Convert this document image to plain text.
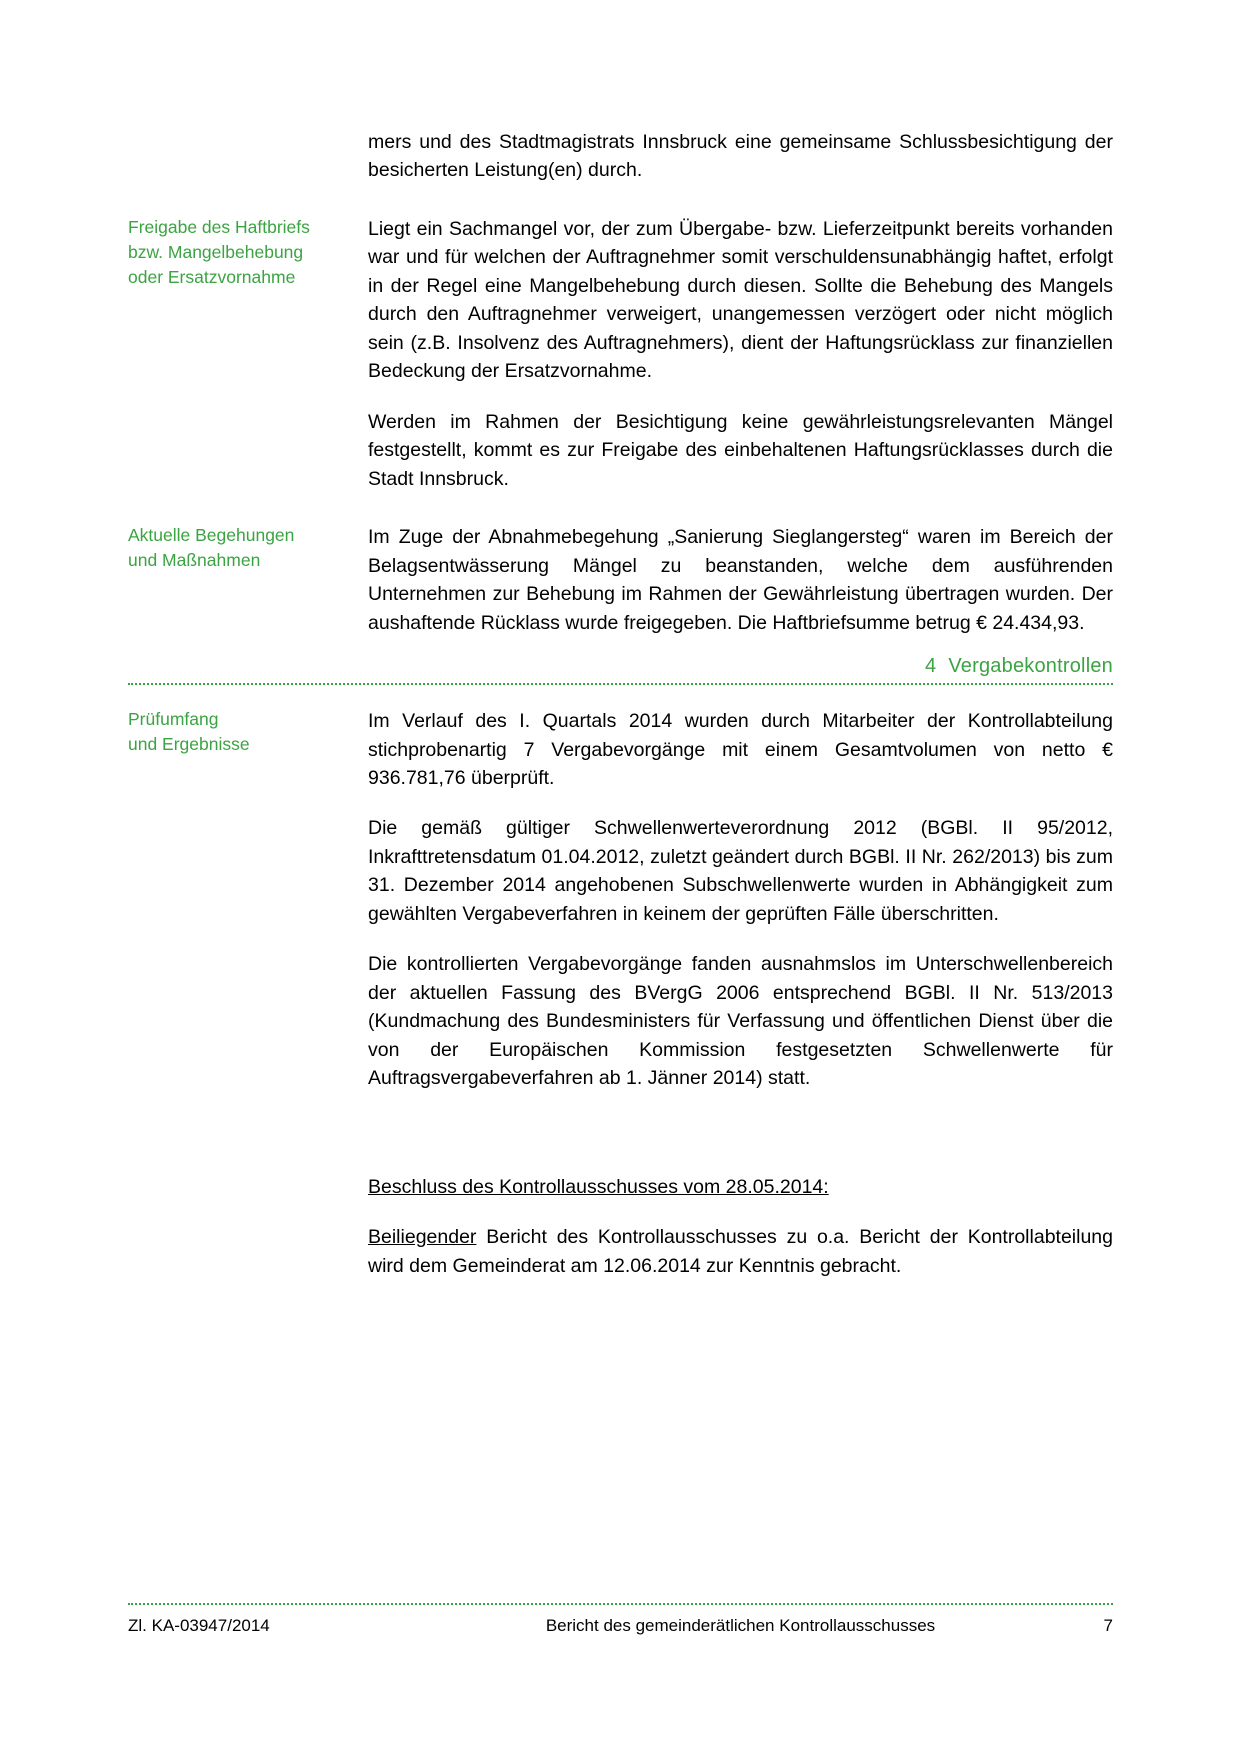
mers und des Stadtmagistrats Innsbruck eine gemeinsame Schlussbesichtigung der besicherten Leistung(en) durch.

Freigabe des Haftbriefs
bzw. Mangelbehebung
oder Ersatzvornahme

Liegt ein Sachmangel vor, der zum Übergabe- bzw. Lieferzeitpunkt bereits vorhanden war und für welchen der Auftragnehmer somit verschuldensunabhängig haftet, erfolgt in der Regel eine Mangelbehebung durch diesen. Sollte die Behebung des Mangels durch den Auftragnehmer verweigert, unangemessen verzögert oder nicht möglich sein (z.B. Insolvenz des Auftragnehmers), dient der Haftungsrücklass zur finanziellen Bedeckung der Ersatzvornahme.

Werden im Rahmen der Besichtigung keine gewährleistungsrelevanten Mängel festgestellt, kommt es zur Freigabe des einbehaltenen Haftungsrücklasses durch die Stadt Innsbruck.

Aktuelle Begehungen
und Maßnahmen

Im Zuge der Abnahmebegehung „Sanierung Sieglangersteg“ waren im Bereich der Belagsentwässerung Mängel zu beanstanden, welche dem ausführenden Unternehmen zur Behebung im Rahmen der Gewährleistung übertragen wurden. Der aushaftende Rücklass wurde freigegeben. Die Haftbriefsumme betrug € 24.434,93.

4 Vergabekontrollen
Prüfumfang
und Ergebnisse

Im Verlauf des I. Quartals 2014 wurden durch Mitarbeiter der Kontrollabteilung stichprobenartig 7 Vergabevorgänge mit einem Gesamtvolumen von netto € 936.781,76 überprüft.

Die gemäß gültiger Schwellenwerteverordnung 2012 (BGBl. II 95/2012, Inkrafttretensdatum 01.04.2012, zuletzt geändert durch BGBl. II Nr. 262/2013) bis zum 31. Dezember 2014 angehobenen Subschwellenwerte wurden in Abhängigkeit zum gewählten Vergabeverfahren in keinem der geprüften Fälle überschritten.

Die kontrollierten Vergabevorgänge fanden ausnahmslos im Unterschwellenbereich der aktuellen Fassung des BVergG 2006 entsprechend BGBl. II Nr. 513/2013 (Kundmachung des Bundesministers für Verfassung und öffentlichen Dienst über die von der Europäischen Kommission festgesetzten Schwellenwerte für Auftragsvergabeverfahren ab 1. Jänner 2014) statt.

Beschluss des Kontrollausschusses vom 28.05.2014:

Beiliegender Bericht des Kontrollausschusses zu o.a. Bericht der Kontrollabteilung wird dem Gemeinderat am 12.06.2014 zur Kenntnis gebracht.

Zl. KA-03947/2014	Bericht des gemeinderätlichen Kontrollausschusses	7
